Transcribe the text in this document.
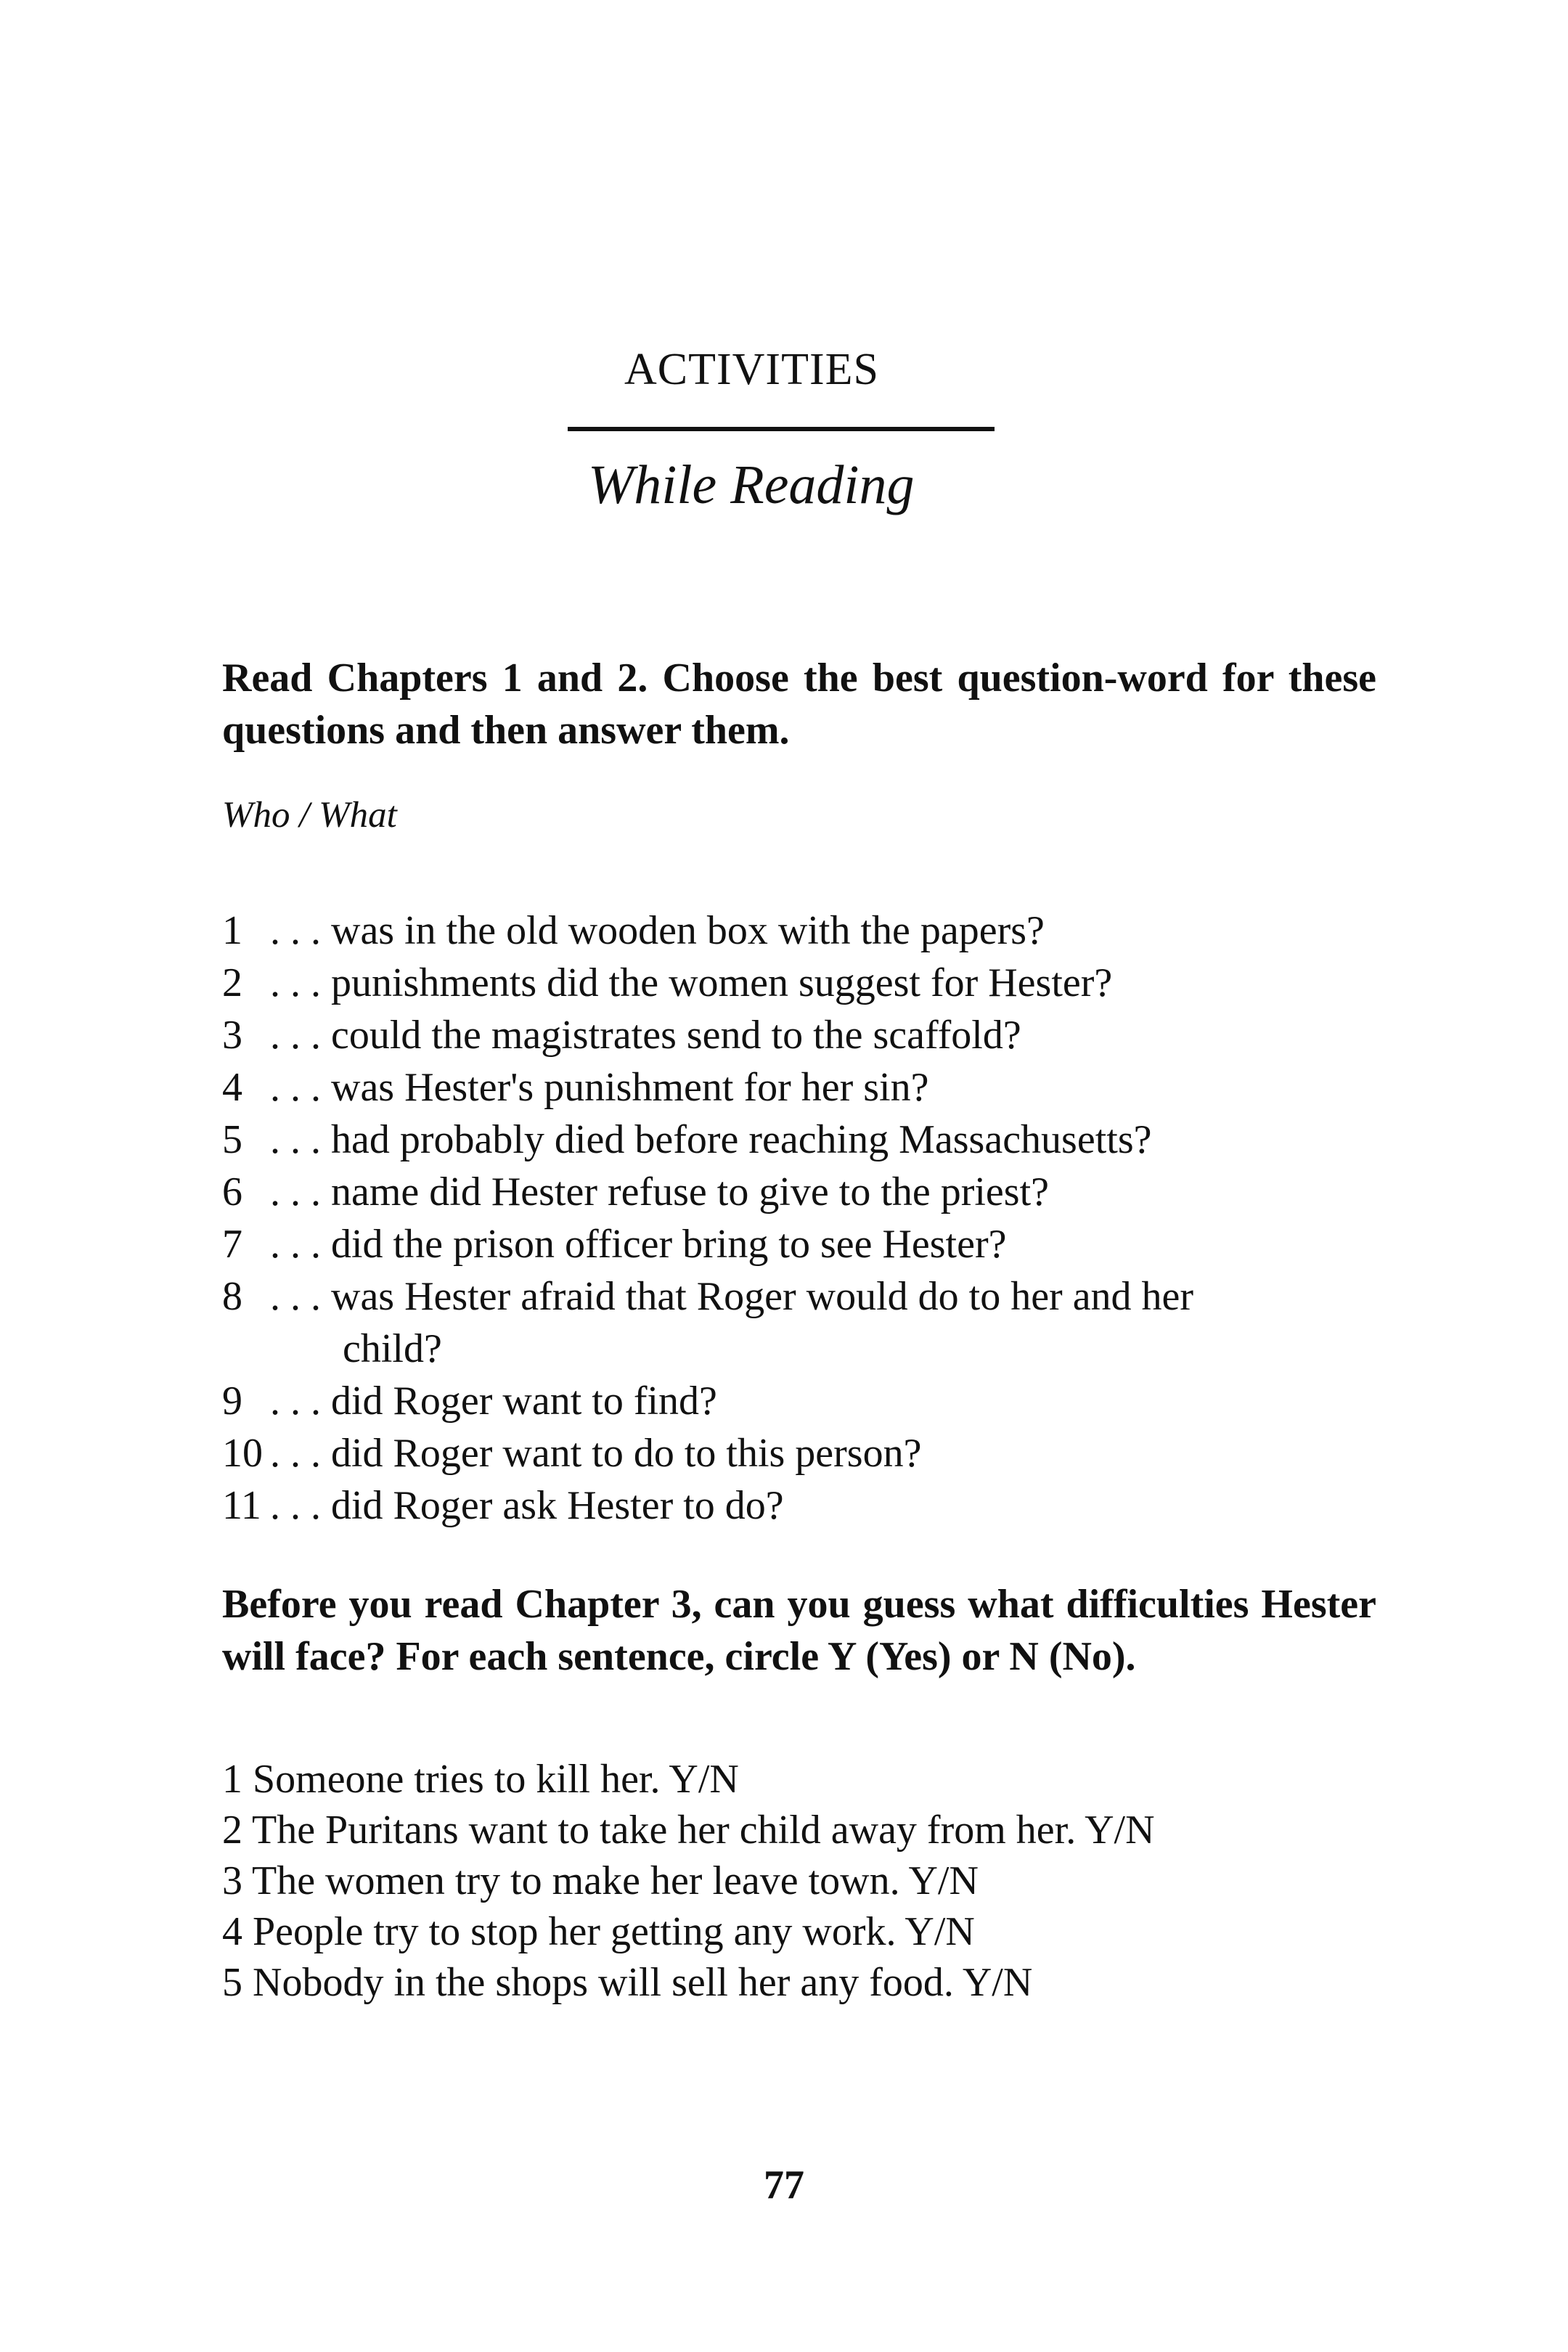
ACTIVITIES
While Reading
Read Chapters 1 and 2. Choose the best question-word for these questions and then answer them.
Who / What
1 . . . was in the old wooden box with the papers?
2 . . . punishments did the women suggest for Hester?
3 . . . could the magistrates send to the scaffold?
4 . . . was Hester's punishment for her sin?
5 . . . had probably died before reaching Massachusetts?
6 . . . name did Hester refuse to give to the priest?
7 . . . did the prison officer bring to see Hester?
8 . . . was Hester afraid that Roger would do to her and her
child?
9 . . . did Roger want to find?
10 . . . did Roger want to do to this person?
11 . . . did Roger ask Hester to do?
Before you read Chapter 3, can you guess what difficulties Hester will face? For each sentence, circle Y (Yes) or N (No).
1 Someone tries to kill her. Y/N
2 The Puritans want to take her child away from her. Y/N
3 The women try to make her leave town. Y/N
4 People try to stop her getting any work. Y/N
5 Nobody in the shops will sell her any food. Y/N
77
